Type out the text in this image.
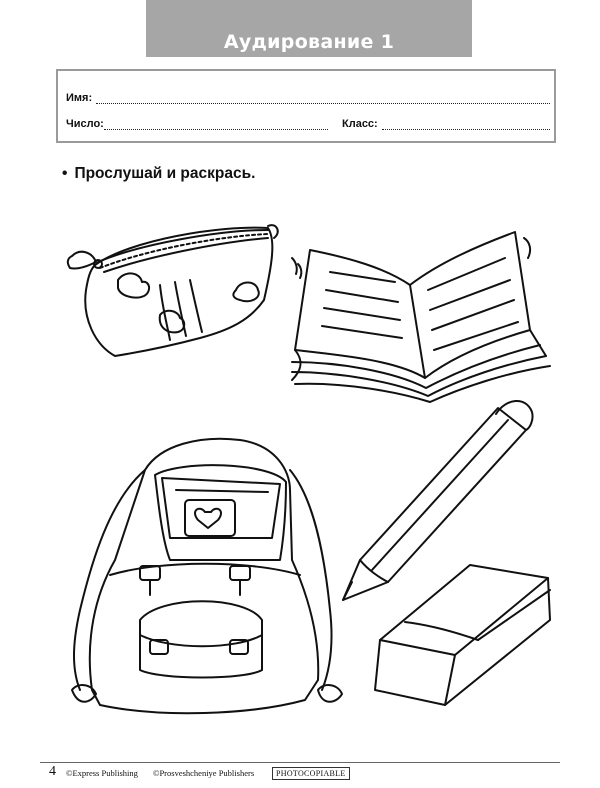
Аудирование 1
Имя:
Число:	Класс:
• Прослушай и раскрась.
4 ©Express Publishing ©Prosveshcheniye Publishers	PHOTOCOPIABLE
